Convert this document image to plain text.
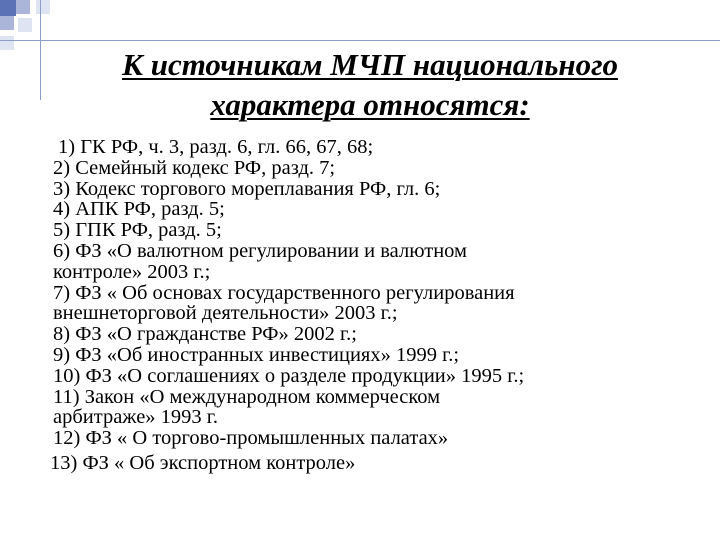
К источникам МЧП национального
характера относятся:
1) ГК РФ, ч. 3, разд. 6, гл. 66, 67, 68;
2) Семейный кодекс РФ, разд. 7;
3) Кодекс торгового мореплавания РФ, гл. 6;
4) АПК РФ, разд. 5;
5) ГПК РФ, разд. 5;
6) ФЗ «О валютном регулировании и валютном
контроле» 2003 г.;
7) ФЗ « Об основах государственного регулирования
внешнеторговой деятельности» 2003 г.;
8) ФЗ «О гражданстве РФ» 2002 г.;
9) ФЗ «Об иностранных инвестициях» 1999 г.;
10) ФЗ «О соглашениях о разделе продукции» 1995 г.;
11) Закон «О международном коммерческом
арбитраже» 1993 г.
12) ФЗ « О торгово-промышленных палатах»
13) ФЗ « Об экспортном контроле»
